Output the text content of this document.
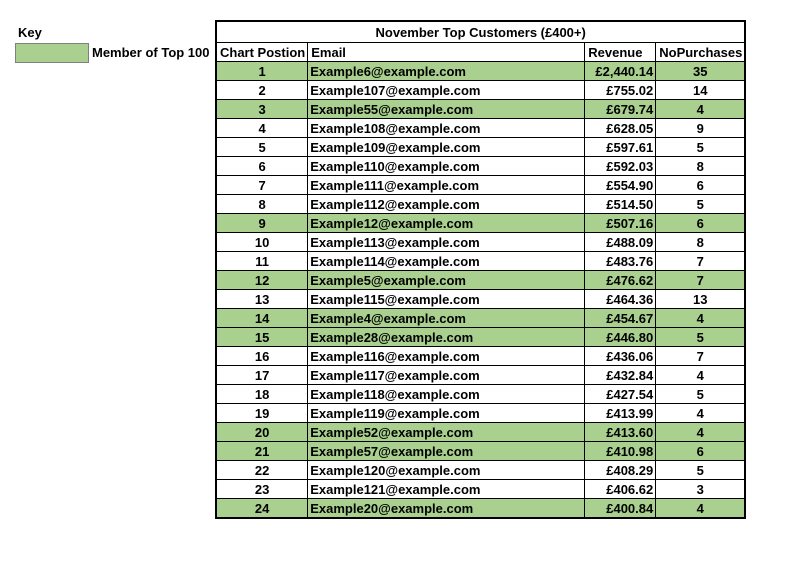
Key
Member of Top 100
November Top Customers (£400+)			
Chart Postion	Email	Revenue	NoPurchases
1	Example6@example.com	£2,440.14	35
2	Example107@example.com	£755.02	14
3	Example55@example.com	£679.74	4
4	Example108@example.com	£628.05	9
5	Example109@example.com	£597.61	5
6	Example110@example.com	£592.03	8
7	Example111@example.com	£554.90	6
8	Example112@example.com	£514.50	5
9	Example12@example.com	£507.16	6
10	Example113@example.com	£488.09	8
11	Example114@example.com	£483.76	7
12	Example5@example.com	£476.62	7
13	Example115@example.com	£464.36	13
14	Example4@example.com	£454.67	4
15	Example28@example.com	£446.80	5
16	Example116@example.com	£436.06	7
17	Example117@example.com	£432.84	4
18	Example118@example.com	£427.54	5
19	Example119@example.com	£413.99	4
20	Example52@example.com	£413.60	4
21	Example57@example.com	£410.98	6
22	Example120@example.com	£408.29	5
23	Example121@example.com	£406.62	3
24	Example20@example.com	£400.84	4
